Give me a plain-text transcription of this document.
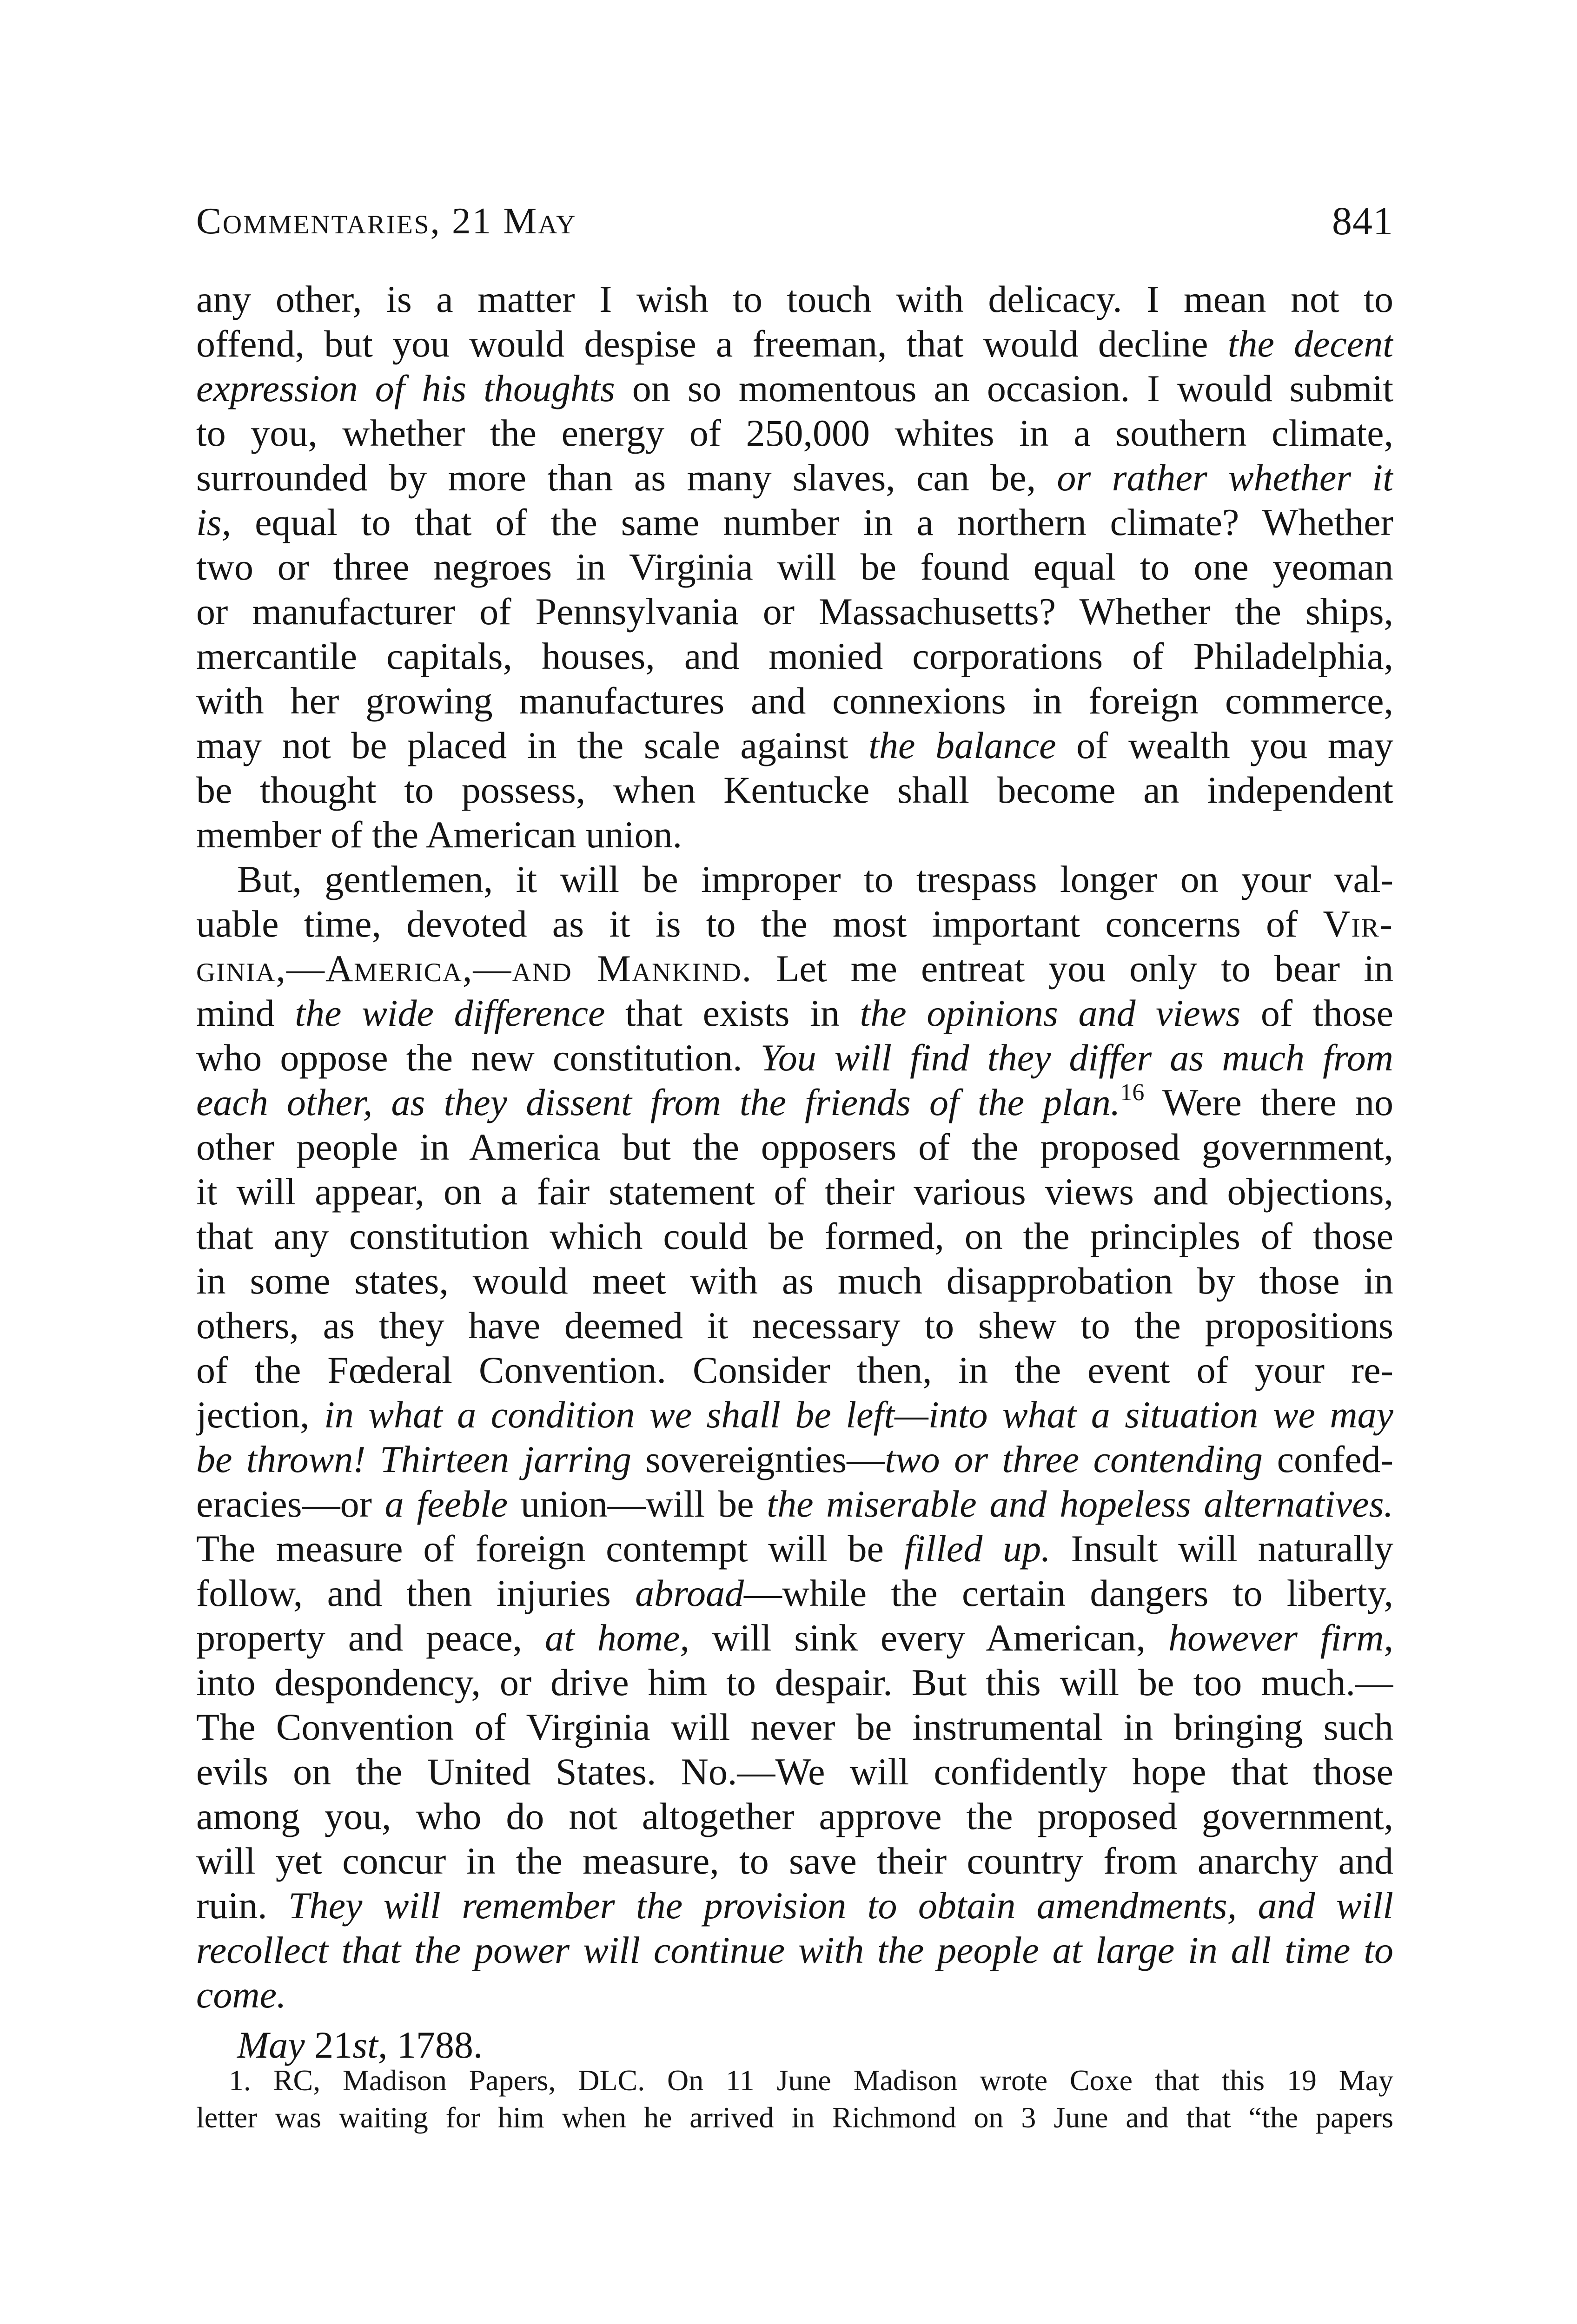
Commentaries, 21 May	841
any other, is a matter I wish to touch with delicacy. I mean not to
offend, but you would despise a freeman, that would decline the decent
expression of his thoughts on so momentous an occasion. I would submit
to you, whether the energy of 250,000 whites in a southern climate,
surrounded by more than as many slaves, can be, or rather whether it
is, equal to that of the same number in a northern climate? Whether
two or three negroes in Virginia will be found equal to one yeoman
or manufacturer of Pennsylvania or Massachusetts? Whether the ships,
mercantile capitals, houses, and monied corporations of Philadelphia,
with her growing manufactures and connexions in foreign commerce,
may not be placed in the scale against the balance of wealth you may
be thought to possess, when Kentucke shall become an independent
member of the American union.
But, gentlemen, it will be improper to trespass longer on your val-
uable time, devoted as it is to the most important concerns of Vir-
ginia,—America,—and Mankind. Let me entreat you only to bear in
mind the wide difference that exists in the opinions and views of those
who oppose the new constitution. You will find they differ as much from
each other, as they dissent from the friends of the plan.$^{16}$ Were there no
other people in America but the opposers of the proposed government,
it will appear, on a fair statement of their various views and objections,
that any constitution which could be formed, on the principles of those
in some states, would meet with as much disapprobation by those in
others, as they have deemed it necessary to shew to the propositions
of the Fœderal Convention. Consider then, in the event of your re-
jection, in what a condition we shall be left—into what a situation we may
be thrown! Thirteen jarring sovereignties—two or three contending confed-
eracies—or a feeble union—will be the miserable and hopeless alternatives.
The measure of foreign contempt will be filled up. Insult will naturally
follow, and then injuries abroad—while the certain dangers to liberty,
property and peace, at home, will sink every American, however firm,
into despondency, or drive him to despair. But this will be too much.—
The Convention of Virginia will never be instrumental in bringing such
evils on the United States. No.—We will confidently hope that those
among you, who do not altogether approve the proposed government,
will yet concur in the measure, to save their country from anarchy and
ruin. They will remember the provision to obtain amendments, and will
recollect that the power will continue with the people at large in all time to
come.
May 21st, 1788.
1. RC, Madison Papers, DLC. On 11 June Madison wrote Coxe that this 19 May
letter was waiting for him when he arrived in Richmond on 3 June and that “the papers
